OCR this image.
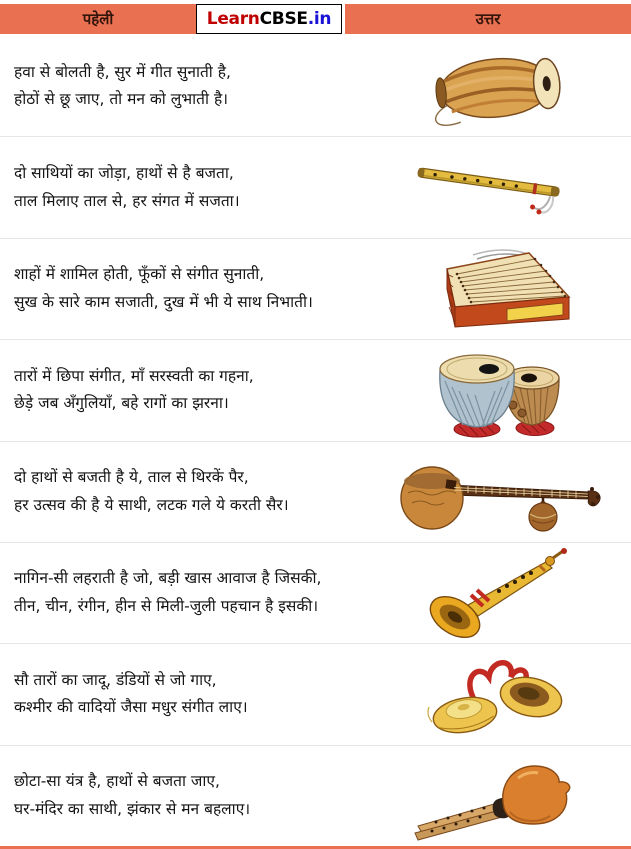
पहेली	Learn CBSE .in	उत्तर

हवा से बोलती है, सुर में गीत सुनाती है,

होठों से छू जाए, तो मन को लुभाती है।

दो साथियों का जोड़ा, हाथों से है बजता,

ताल मिलाए ताल से, हर संगत में सजता।

शाहों में शामिल होती, फूँकों से संगीत सुनाती,

सुख के सारे काम सजाती, दुख में भी ये साथ निभाती।

तारों में छिपा संगीत, माँ सरस्वती का गहना,

छेड़े जब अँगुलियाँ, बहे रागों का झरना।

दो हाथों से बजती है ये, ताल से थिरकें पैर,

हर उत्सव की है ये साथी, लटक गले ये करती सैर।

नागिन-सी लहराती है जो, बड़ी खास आवाज है जिसकी,

तीन, चीन, रंगीन, हीन से मिली-जुली पहचान है इसकी।

सौ तारों का जादू, डंडियों से जो गाए,

कश्मीर की वादियों जैसा मधुर संगीत लाए।

छोटा-सा यंत्र है, हाथों से बजता जाए,

घर-मंदिर का साथी, झंकार से मन बहलाए।
